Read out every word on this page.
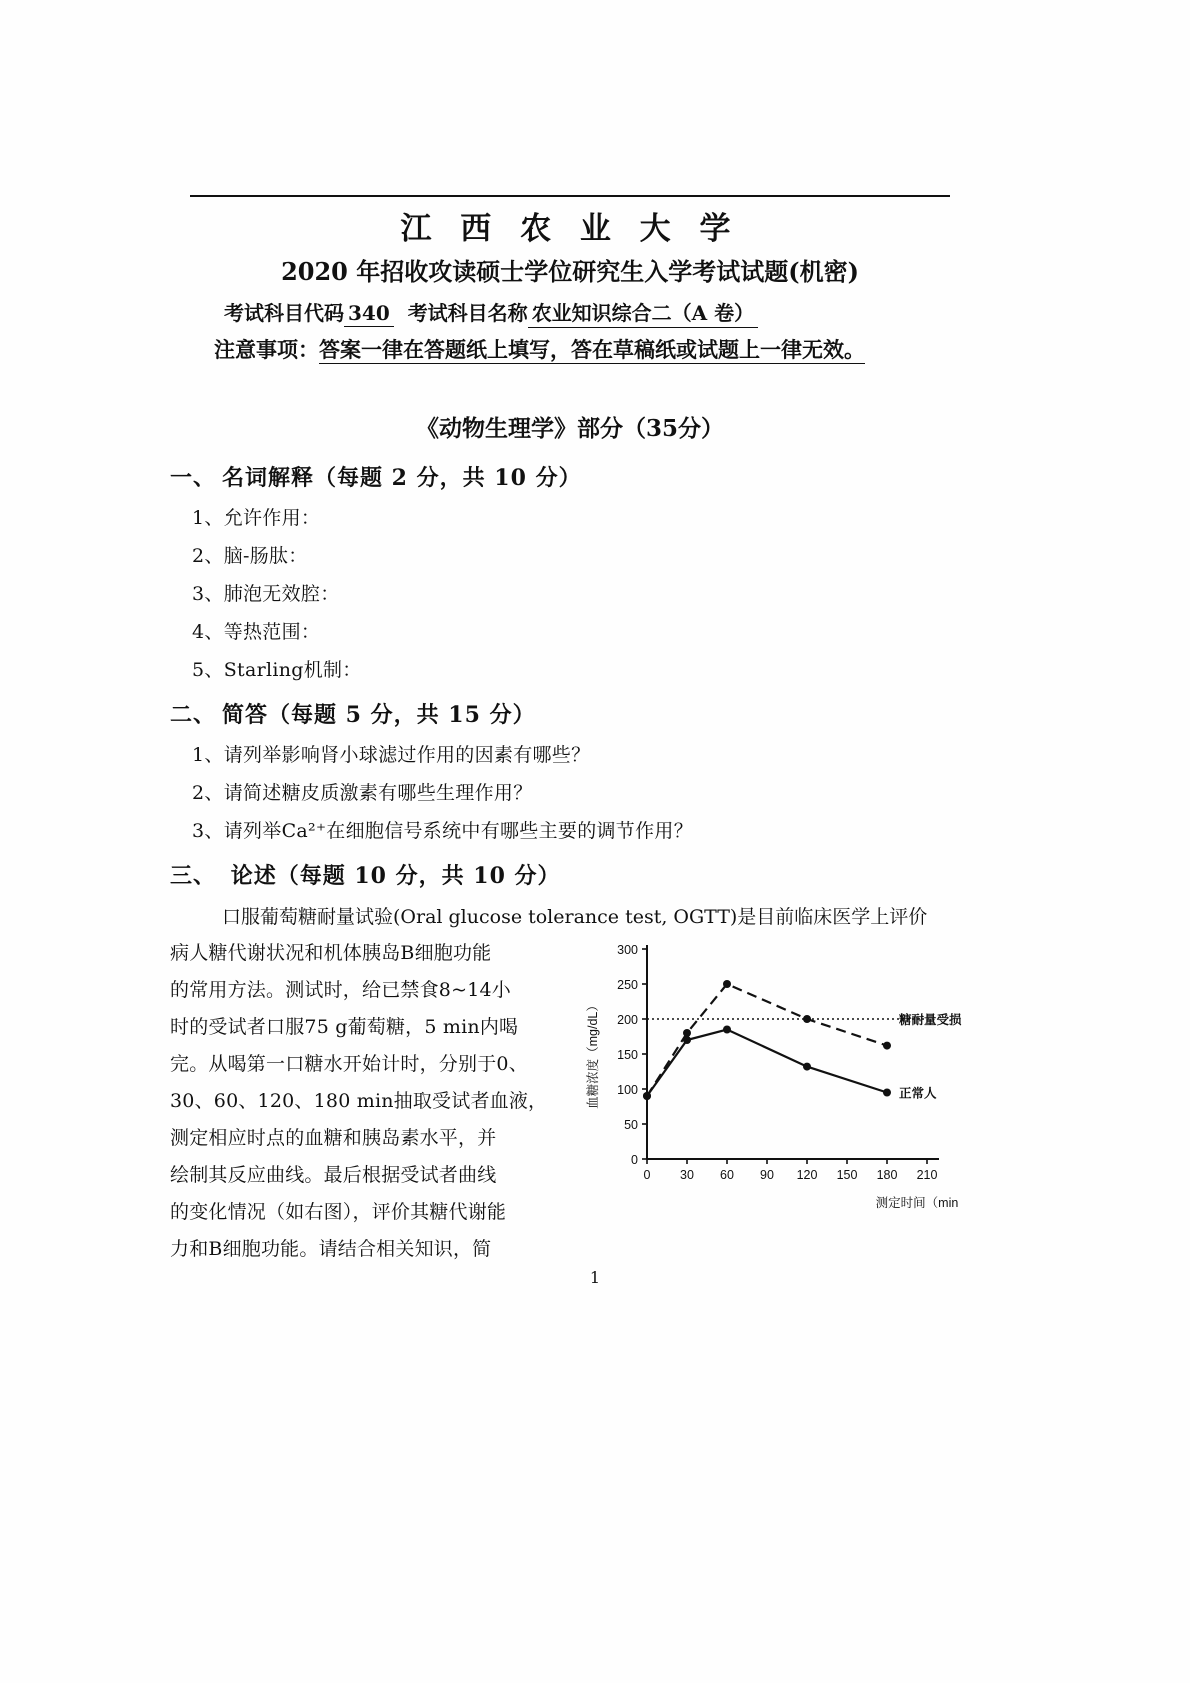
江 西 农 业 大 学
2020 年招收攻读硕士学位研究生入学考试试题(机密)
考试科目代码 340 考试科目名称 农业知识综合二（A 卷）
注意事项：答案一律在答题纸上填写，答在草稿纸或试题上一律无效。
《动物生理学》部分（35分）
一、 名词解释（每题 2 分，共 10 分）
1、允许作用：
2、脑-肠肽：
3、肺泡无效腔：
4、等热范围：
5、Starling机制：
二、 简答（每题 5 分，共 15 分）
1、请列举影响肾小球滤过作用的因素有哪些？
2、请简述糖皮质激素有哪些生理作用？
3、请列举Ca²⁺在细胞信号系统中有哪些主要的调节作用？
三、 论述（每题 10 分，共 10 分）
口服葡萄糖耐量试验(Oral glucose tolerance test, OGTT)是目前临床医学上评价

病人糖代谢状况和机体胰岛B细胞功能

的常用方法。测试时，给已禁食8~14小

时的受试者口服75 g葡萄糖，5 min内喝

完。从喝第一口糖水开始计时，分别于0、

30、60、120、180 min抽取受试者血液，

测定相应时点的血糖和胰岛素水平，并

绘制其反应曲线。最后根据受试者曲线

的变化情况（如右图），评价其糖代谢能

力和B细胞功能。请结合相关知识，简

0
50
100
150
200
250
300
0 30 60 90 120 150 180 210
糖耐量受损
正常人
血糖浓度（mg/dL）
测定时间（min
1
